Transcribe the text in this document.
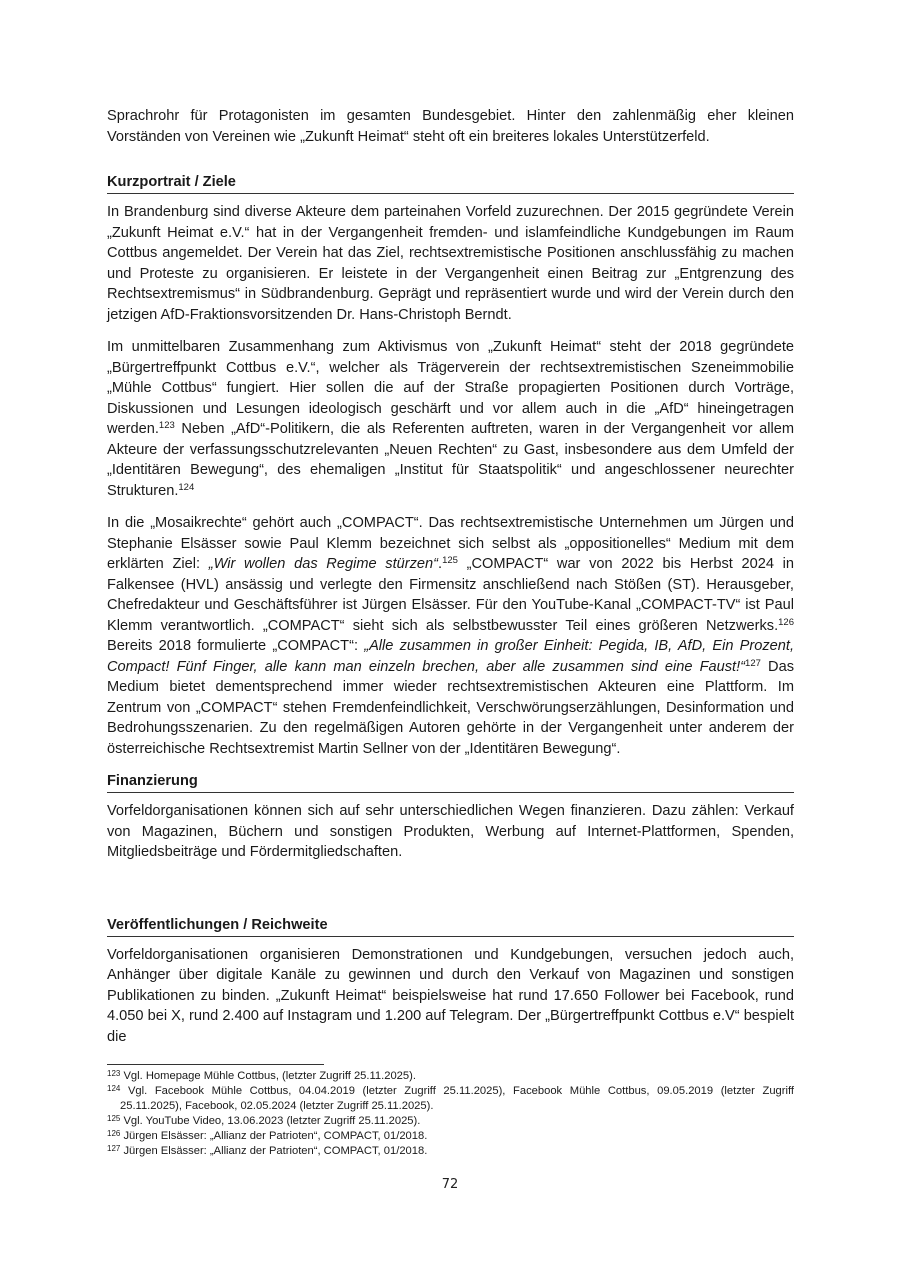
Sprachrohr für Protagonisten im gesamten Bundesgebiet. Hinter den zahlenmäßig eher kleinen Vorständen von Vereinen wie „Zukunft Heimat“ steht oft ein breiteres lokales Unterstützerfeld.

Kurzportrait / Ziele

In Brandenburg sind diverse Akteure dem parteinahen Vorfeld zuzurechnen. Der 2015 gegründete Verein „Zukunft Heimat e.V.“ hat in der Vergangenheit fremden- und islamfeindliche Kundgebungen im Raum Cottbus angemeldet. Der Verein hat das Ziel, rechtsextremistische Positionen anschlussfähig zu machen und Proteste zu organisieren. Er leistete in der Vergangenheit einen Beitrag zur „Entgrenzung des Rechtsextremismus“ in Südbrandenburg. Geprägt und repräsentiert wurde und wird der Verein durch den jetzigen AfD-Fraktionsvorsitzenden Dr. Hans-Christoph Berndt.

Im unmittelbaren Zusammenhang zum Aktivismus von „Zukunft Heimat“ steht der 2018 gegründete „Bürgertreffpunkt Cottbus e.V.“, welcher als Trägerverein der rechtsextremistischen Szeneimmobilie „Mühle Cottbus“ fungiert. Hier sollen die auf der Straße propagierten Positionen durch Vorträge, Diskussionen und Lesungen ideologisch geschärft und vor allem auch in die „AfD“ hineingetragen werden.$^{123}$ Neben „AfD“-Politikern, die als Referenten auftreten, waren in der Vergangenheit vor allem Akteure der verfassungsschutzrelevanten „Neuen Rechten“ zu Gast, insbesondere aus dem Umfeld der „Identitären Bewegung“, des ehemaligen „Institut für Staatspolitik“ und angeschlossener neurechter Strukturen.$^{124}$

In die „Mosaikrechte“ gehört auch „COMPACT“. Das rechtsextremistische Unternehmen um Jürgen und Stephanie Elsässer sowie Paul Klemm bezeichnet sich selbst als „oppositionelles“ Medium mit dem erklärten Ziel: „Wir wollen das Regime stürzen“.$^{125}$ „COMPACT“ war von 2022 bis Herbst 2024 in Falkensee (HVL) ansässig und verlegte den Firmensitz anschließend nach Stößen (ST). Herausgeber, Chefredakteur und Geschäftsführer ist Jürgen Elsässer. Für den YouTube-Kanal „COMPACT-TV“ ist Paul Klemm verantwortlich. „COMPACT“ sieht sich als selbstbewusster Teil eines größeren Netzwerks.$^{126}$ Bereits 2018 formulierte „COMPACT“: „Alle zusammen in großer Einheit: Pegida, IB, AfD, Ein Prozent, Compact! Fünf Finger, alle kann man einzeln brechen, aber alle zusammen sind eine Faust!“$^{127}$ Das Medium bietet dementsprechend immer wieder rechtsextremistischen Akteuren eine Plattform. Im Zentrum von „COMPACT“ stehen Fremdenfeindlichkeit, Verschwörungserzählungen, Desinformation und Bedrohungsszenarien. Zu den regelmäßigen Autoren gehörte in der Vergangenheit unter anderem der österreichische Rechtsextremist Martin Sellner von der „Identitären Bewegung“.

Finanzierung

Vorfeldorganisationen können sich auf sehr unterschiedlichen Wegen finanzieren. Dazu zählen: Verkauf von Magazinen, Büchern und sonstigen Produkten, Werbung auf Internet-Plattformen, Spenden, Mitgliedsbeiträge und Fördermitgliedschaften.

Veröffentlichungen / Reichweite

Vorfeldorganisationen organisieren Demonstrationen und Kundgebungen, versuchen jedoch auch, Anhänger über digitale Kanäle zu gewinnen und durch den Verkauf von Magazinen und sonstigen Publikationen zu binden. „Zukunft Heimat“ beispielsweise hat rund 17.650 Follower bei Facebook, rund 4.050 bei X, rund 2.400 auf Instagram und 1.200 auf Telegram. Der „Bürgertreffpunkt Cottbus e.V“ bespielt die

$^{123}$ Vgl. Homepage Mühle Cottbus, (letzter Zugriff 25.11.2025).
$^{124}$ Vgl. Facebook Mühle Cottbus, 04.04.2019 (letzter Zugriff 25.11.2025), Facebook Mühle Cottbus, 09.05.2019 (letzter Zugriff 25.11.2025), Facebook, 02.05.2024 (letzter Zugriff 25.11.2025).
$^{125}$ Vgl. YouTube Video, 13.06.2023 (letzter Zugriff 25.11.2025).
$^{126}$ Jürgen Elsässer: „Allianz der Patrioten“, COMPACT, 01/2018.
$^{127}$ Jürgen Elsässer: „Allianz der Patrioten“, COMPACT, 01/2018.
72
